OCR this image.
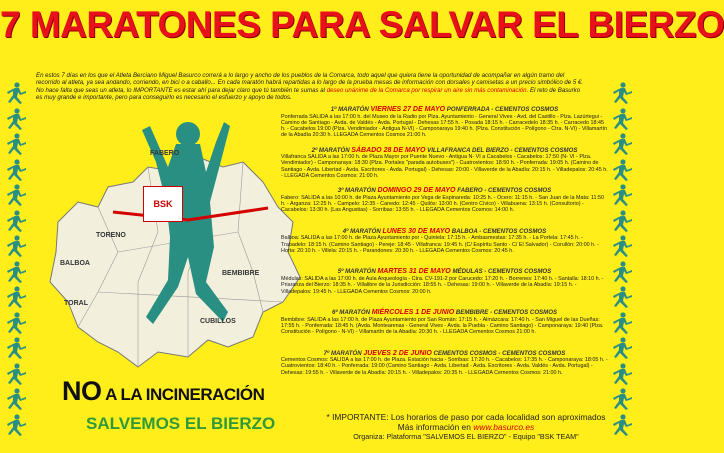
7 MARATONES PARA SALVAR EL BIERZO
En estos 7 días en los que el Atleta Berciano Miguel Basurco correrá a lo largo y ancho de los pueblos de la Comarca, todo aquel que quiera tiene la oportunidad de acompañar en algún tramo del
recorrido al atleta, ya sea andando, corriendo, en bici o a caballo... En cada maratón habrá repartidas a lo largo de la prueba mesas de información con dorsales y camisetas a un precio simbólico de 5 €.
No hace falta que seas un atleta, lo IMPORTANTE es estar ahí para dejar claro que tú también te sumas al deseo unánime de la Comarca por respirar un aire sin más contaminación. El reto de Basurko
es muy grande e importante, pero para conseguirlo es necesario el esfuerzo y apoyo de todos.
BSK
TORENO
CUBILLOS
TORAL
BEMBIBRE
FABERO
BALBOA
NO A LA INCINERACIÓN
SALVEMOS EL BIERZO
1º MARATÓN VIERNES 27 DE MAYO PONFERRADA - CEMENTOS COSMOS
Ponferrada SALIDA a las 17:00 h. del Museo de la Radio por Plza. Ayuntamiento - General Vives - Avd. del Castillo - Plza. Lazúrtegui - Camino de Santiago - Avda. de Valdés - Avda. Portugal - Dehesas 17:55 h. - Posada 18:15 h. - Carracedelo 18:35 h. - Carracedo 18:45 h. - Cacabelos 19:00 (Plza. Vendimiador - Antigua N-VI) - Camponaraya 19:40 h. (Plza. Constitución - Polígono - Ctra. N-VI) - Villamartín de la Abadía 20:30 h. LLEGADA Cementos Cosmos 21:00 h.
2º MARATÓN SÁBADO 28 DE MAYO VILLAFRANCA DEL BIERZO - CEMENTOS COSMOS
Villafranca SALIDA a las 17:00 h. de Plaza Mayor por Puente Nuevo - Antigua N- VI a Cacabelos - Cacabelos: 17:50 (N- VI - Plza. Vendimiador) - Camponaraya: 18:30 (Plza. Portales "parada autobuses") - Cuatrovientos: 18:50 h. - Ponferrada: 19:05 h. (Camino de Santiago - Avda. Libertad - Avda. Escritores - Avda. Portugal) - Dehesas: 20:00 - Villaverde de la Abadía: 20:15 h. - Villadepalos: 20:45 h. - LLEGADA Cementos Cosmos: 21:00 h.
3º MARATÓN DOMINGO 29 DE MAYO FABERO - CEMENTOS COSMOS
Fabero: SALIDA a las 10:00 h. de Plaza Ayuntamiento por Vega de Espinareda: 10:25 h. - Ocero: 11:15 h. - San Juan de la Mata: 11:50 h. - Arganza: 12:25 h. - Campelo: 12:35 - Canedo: 12:45 - Quilós: 13:00 h. (Centro Cívico) - Villabuena: 13:15 h. (Consultorio) - Cacabelos: 13:30 h. (Las Angustias) - Sorribas: 13:55 h. - LLEGADA Cementos Cosmos: 14:00 h.
4º MARATÓN LUNES 30 DE MAYO BALBOA - CEMENTOS COSMOS
Balboa: SALIDA a las 17:00 h. de Plaza Ayuntamiento por - Quintela: 17:15 h. - Ambasmestas: 17:35 h. - La Portela: 17:45 h. - Trabadelo: 18:15 h. (Camino Santiago) - Pereje: 18:45 - Villafranca: 19:45 h. (C/ Espíritu Santo - C/ El Salvador) - Corullón: 20:00 h. - Horta: 20:10 h. - Villela: 20:15 h. - Parandones: 20:30 h. - LLEGADA Cementos Cosmos: 20:45 h.
5º MARATÓN MARTES 31 DE MAYO MÉDULAS - CEMENTOS COSMOS
Médulas: SALIDA a las 17:00 h. de Aula Arqueología - Ctra. CV-191-2 por Carucedo: 17:20 h. - Borrenes: 17:40 h. - Santalla: 18:10 h. - Priaranza del Bierzo: 18:35 h. - Villalibre de la Jurisdicción: 18:55 h. - Dehesas: 19:00 h. - Villaverde de la Abadía: 19:15 h. - Villadepalos: 19:45 h. - LLEGADA Cementos Cosmos: 20:00 h.
6º MARATÓN MIÉRCOLES 1 DE JUNIO BEMBIBRE - CEMENTOS COSMOS
Bembibre: SALIDA a las 17:00 h. de Plaza Ayuntamiento por San Román: 17:15 h. - Almázcara: 17:40 h. - San Miguel de las Dueñas: 17:55 h. - Ponferrada: 18:45 h. (Avda. Montearenas - General Vives - Avda. la Puebla - Camino Santiago) - Camponaraya: 19:40 (Plza. Constitución - Polígono - N-VI) - Villamartín de la Abadía: 20:30 h. - LLEGADA Cementos Cosmos 21:00 h.
7º MARATÓN JUEVES 2 DE JUNIO CEMENTOS COSMOS - CEMENTOS COSMOS
Cementos Cosmos: SALIDA a las 17:00 h. de Plaza. Estación hacia - Sorribas: 17:20 h. - Cacabelos: 17:35 h. - Camponaraya: 18:05 h. - Cuatrovientos: 18:40 h. - Ponferrada: 19:00 (Camino Santiago - Avda. Libertad - Avda. Escritores - Avda. Valdés - Avda. Portugal) - Dehesas: 19:55 h. - Villaverde de la Abadía: 20:15 h. - Villadepalos: 20:35 h. - LLEGADA Cementos Cosmos: 21:00 h.
* IMPORTANTE: Los horarios de paso por cada localidad son aproximados
Más información en www.basurco.es
Organiza: Plataforma "SALVEMOS EL BIERZO" - Equipo "BSK TEAM"
